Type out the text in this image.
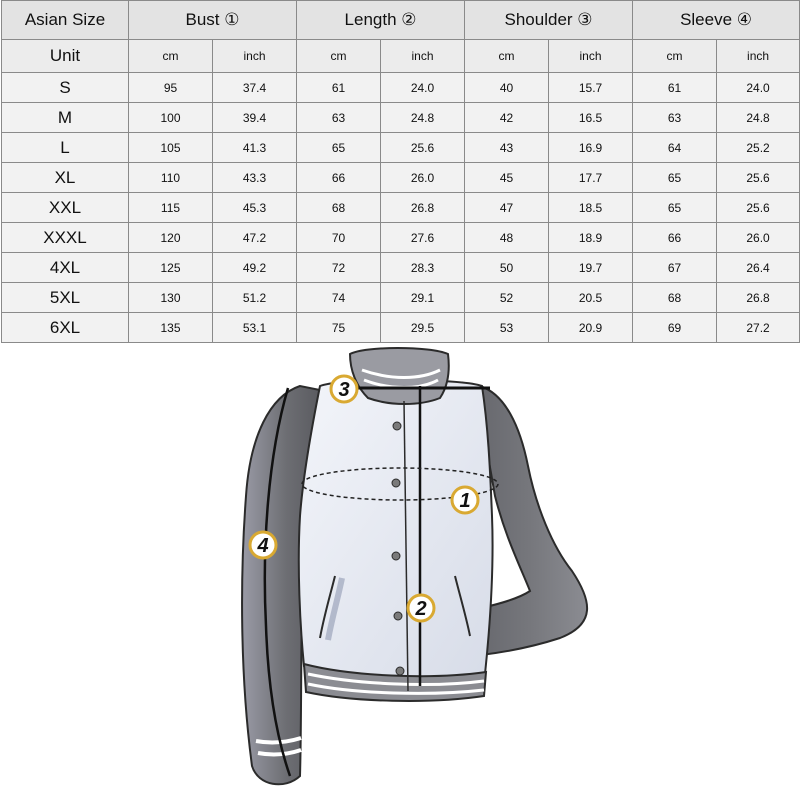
Asian Size	Bust ①		Length ②		Shoulder ③		Sleeve ④	
Unit	cm	inch	cm	inch	cm	inch	cm	inch
S	95	37.4	61	24.0	40	15.7	61	24.0
M	100	39.4	63	24.8	42	16.5	63	24.8
L	105	41.3	65	25.6	43	16.9	64	25.2
XL	110	43.3	66	26.0	45	17.7	65	25.6
XXL	115	45.3	68	26.8	47	18.5	65	25.6
XXXL	120	47.2	70	27.6	48	18.9	66	26.0
4XL	125	49.2	72	28.3	50	19.7	67	26.4
5XL	130	51.2	74	29.1	52	20.5	68	26.8
6XL	135	53.1	75	29.5	53	20.9	69	27.2
1
2
3
4
